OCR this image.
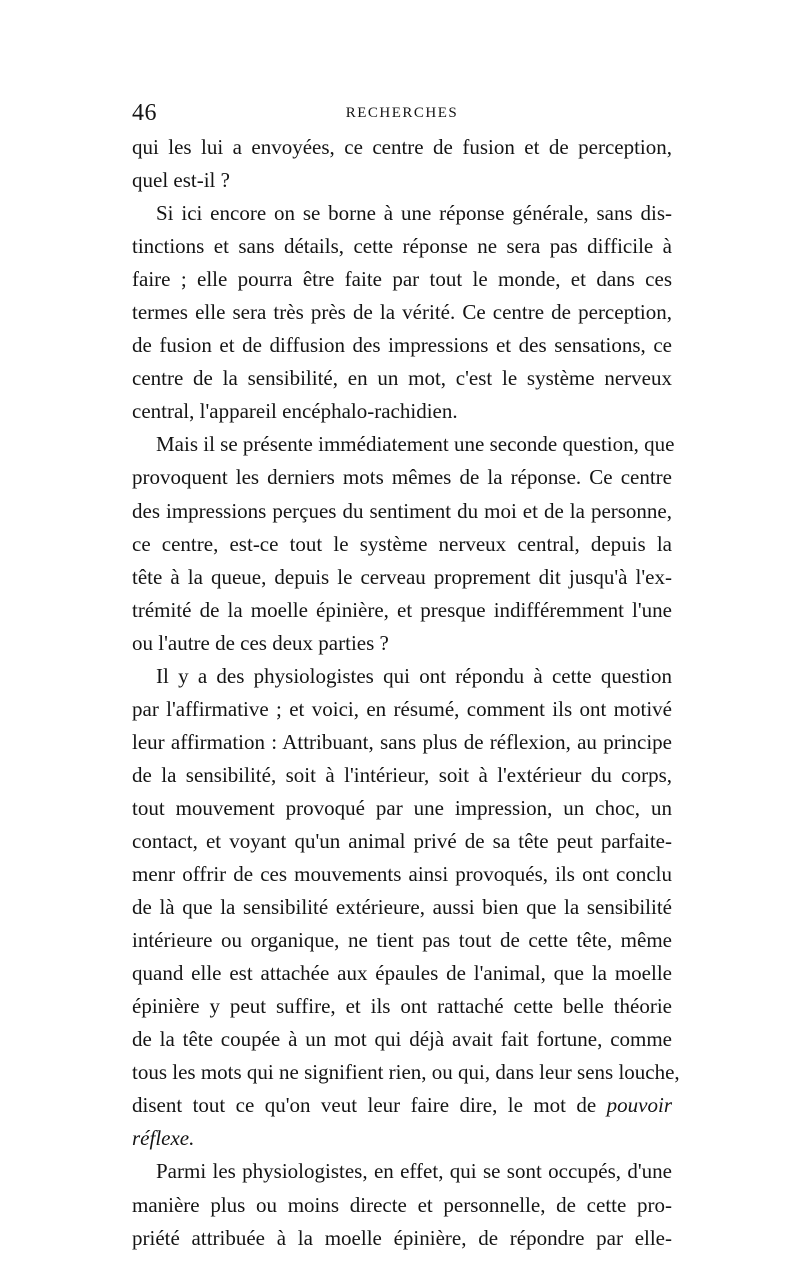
46	RECHERCHES
qui les lui a envoyées, ce centre de fusion et de perception,
quel est-il ?
Si ici encore on se borne à une réponse générale, sans dis-
tinctions et sans détails, cette réponse ne sera pas difficile à
faire ; elle pourra être faite par tout le monde, et dans ces
termes elle sera très près de la vérité. Ce centre de perception,
de fusion et de diffusion des impressions et des sensations, ce
centre de la sensibilité, en un mot, c'est le système nerveux
central, l'appareil encéphalo-rachidien.
Mais il se présente immédiatement une seconde question, que
provoquent les derniers mots mêmes de la réponse. Ce centre
des impressions perçues du sentiment du moi et de la personne,
ce centre, est-ce tout le système nerveux central, depuis la
tête à la queue, depuis le cerveau proprement dit jusqu'à l'ex-
trémité de la moelle épinière, et presque indifféremment l'une
ou l'autre de ces deux parties ?
Il y a des physiologistes qui ont répondu à cette question
par l'affirmative ; et voici, en résumé, comment ils ont motivé
leur affirmation : Attribuant, sans plus de réflexion, au principe
de la sensibilité, soit à l'intérieur, soit à l'extérieur du corps,
tout mouvement provoqué par une impression, un choc, un
contact, et voyant qu'un animal privé de sa tête peut parfaite-
menr offrir de ces mouvements ainsi provoqués, ils ont conclu
de là que la sensibilité extérieure, aussi bien que la sensibilité
intérieure ou organique, ne tient pas tout de cette tête, même
quand elle est attachée aux épaules de l'animal, que la moelle
épinière y peut suffire, et ils ont rattaché cette belle théorie
de la tête coupée à un mot qui déjà avait fait fortune, comme
tous les mots qui ne signifient rien, ou qui, dans leur sens louche,
disent tout ce qu'on veut leur faire dire, le mot de pouvoir
réflexe.
Parmi les physiologistes, en effet, qui se sont occupés, d'une
manière plus ou moins directe et personnelle, de cette pro-
priété attribuée à la moelle épinière, de répondre par elle-
